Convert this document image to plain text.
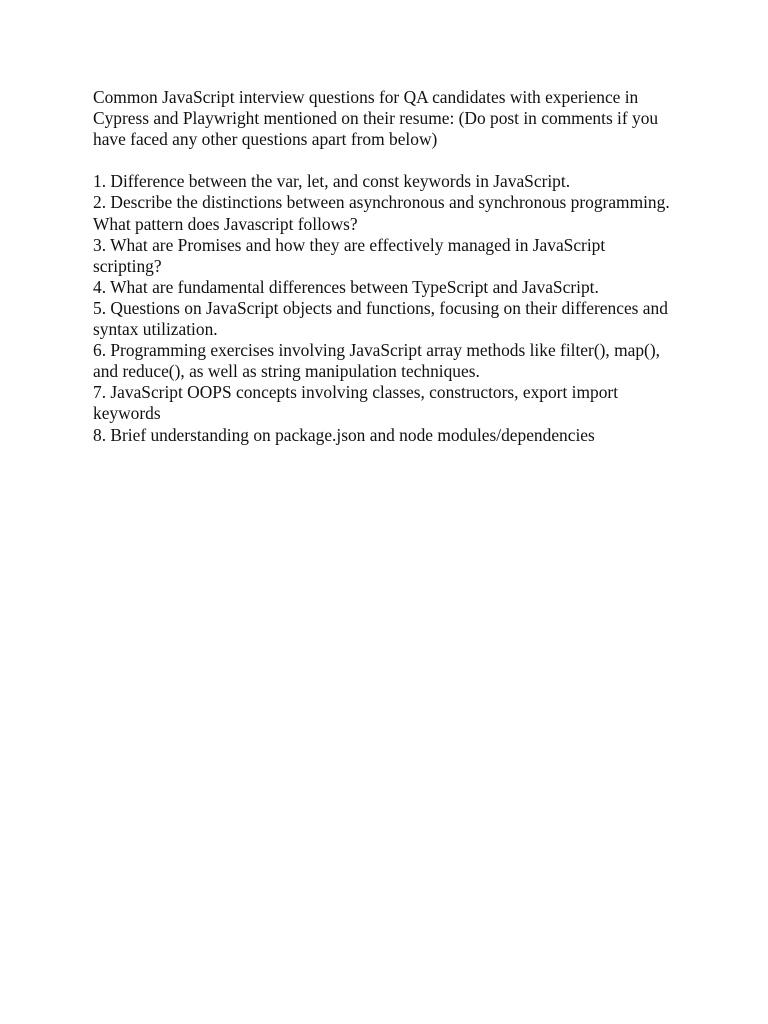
Common JavaScript interview questions for QA candidates with experience in Cypress and Playwright mentioned on their resume: (Do post in comments if you have faced any other questions apart from below)

1. Difference between the var, let, and const keywords in JavaScript.
2. Describe the distinctions between asynchronous and synchronous programming. What pattern does Javascript follows?
3. What are Promises and how they are effectively managed in JavaScript scripting?
4. What are fundamental differences between TypeScript and JavaScript.
5. Questions on JavaScript objects and functions, focusing on their differences and syntax utilization.
6. Programming exercises involving JavaScript array methods like filter(), map(), and reduce(), as well as string manipulation techniques.
7. JavaScript OOPS concepts involving classes, constructors, export import keywords
8. Brief understanding on package.json and node modules/dependencies
